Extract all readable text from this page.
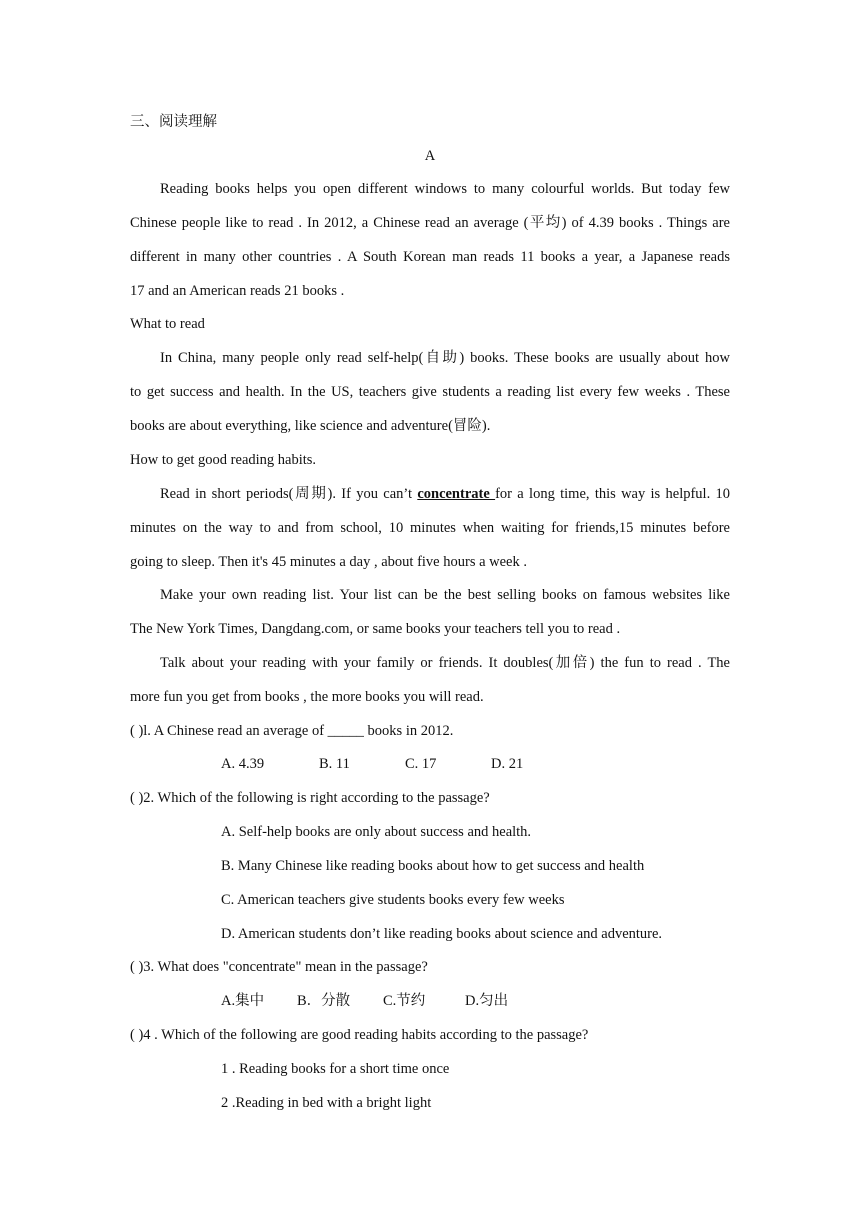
三、阅读理解
A
Reading books helps you open different windows to many colourful worlds. But today few
Chinese people like to read . In 2012, a Chinese read an average (平均) of 4.39 books . Things are
different in many other countries . A South Korean man reads 11 books a year, a Japanese reads
17 and an American reads 21 books .
What to read
In China, many people only read self-help(自助) books. These books are usually about how
to get success and health. In the US, teachers give students a reading list every few weeks . These
books are about everything, like science and adventure(冒险).
How to get good reading habits.
Read in short periods(周期). If you can’t concentrate for a long time, this way is helpful. 10
minutes on the way to and from school, 10 minutes when waiting for friends,15 minutes before
going to sleep. Then it's 45 minutes a day , about five hours a week .
Make your own reading list. Your list can be the best selling books on famous websites like
The New York Times, Dangdang.com, or same books your teachers tell you to read .
Talk about your reading with your family or friends. It doubles(加倍) the fun to read . The
more fun you get from books , the more books you will read.
( )l. A Chinese read an average of _____ books in 2012.
A. 4.39	B. 11	C. 17	D. 21
( )2. Which of the following is right according to the passage?
A. Self-help books are only about success and health.
B. Many Chinese like reading books about how to get success and health
C. American teachers give students books every few weeks
D. American students don’t like reading books about science and adventure.
( )3. What does "concentrate" mean in the passage?
A.集中 B．分散 C.节约	D.匀出
( )4 . Which of the following are good reading habits according to the passage?
1 . Reading books for a short time once
2 .Reading in bed with a bright light
